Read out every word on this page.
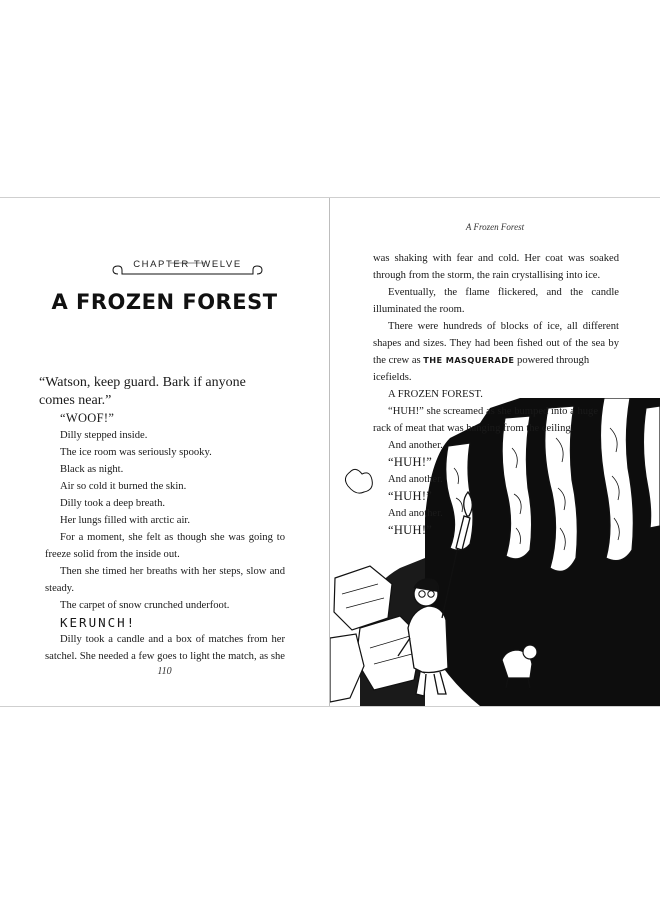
CHAPTER TWELVE
A FROZEN FOREST

“Watson, keep guard. Bark if anyone comes near.”

“WOOF!”

Dilly stepped inside.

The ice room was seriously spooky.

Black as night.

Air so cold it burned the skin.

Dilly took a deep breath.

Her lungs filled with arctic air.

For a moment, she felt as though she was going to

freeze solid from the inside out.

Then she timed her breaths with her steps, slow and

steady.

The carpet of snow crunched underfoot.

KERUNCH!

Dilly took a candle and a box of matches from her

satchel. She needed a few goes to light the match, as she

110
A Frozen Forest

was shaking with fear and cold. Her coat was soaked

through from the storm, the rain crystallising into ice.

Eventually, the flame flickered, and the candle

illuminated the room.

There were hundreds of blocks of ice, all different

shapes and sizes. They had been fished out of the sea by

the crew as THE MASQUERADE powered through icefields.

A FROZEN FOREST.

“HUH!” she screamed as she bumped into a huge

rack of meat that was hanging from the ceiling.

And another.

“HUH!”

And another.

“HUH!”

And another.

“HUH!”
